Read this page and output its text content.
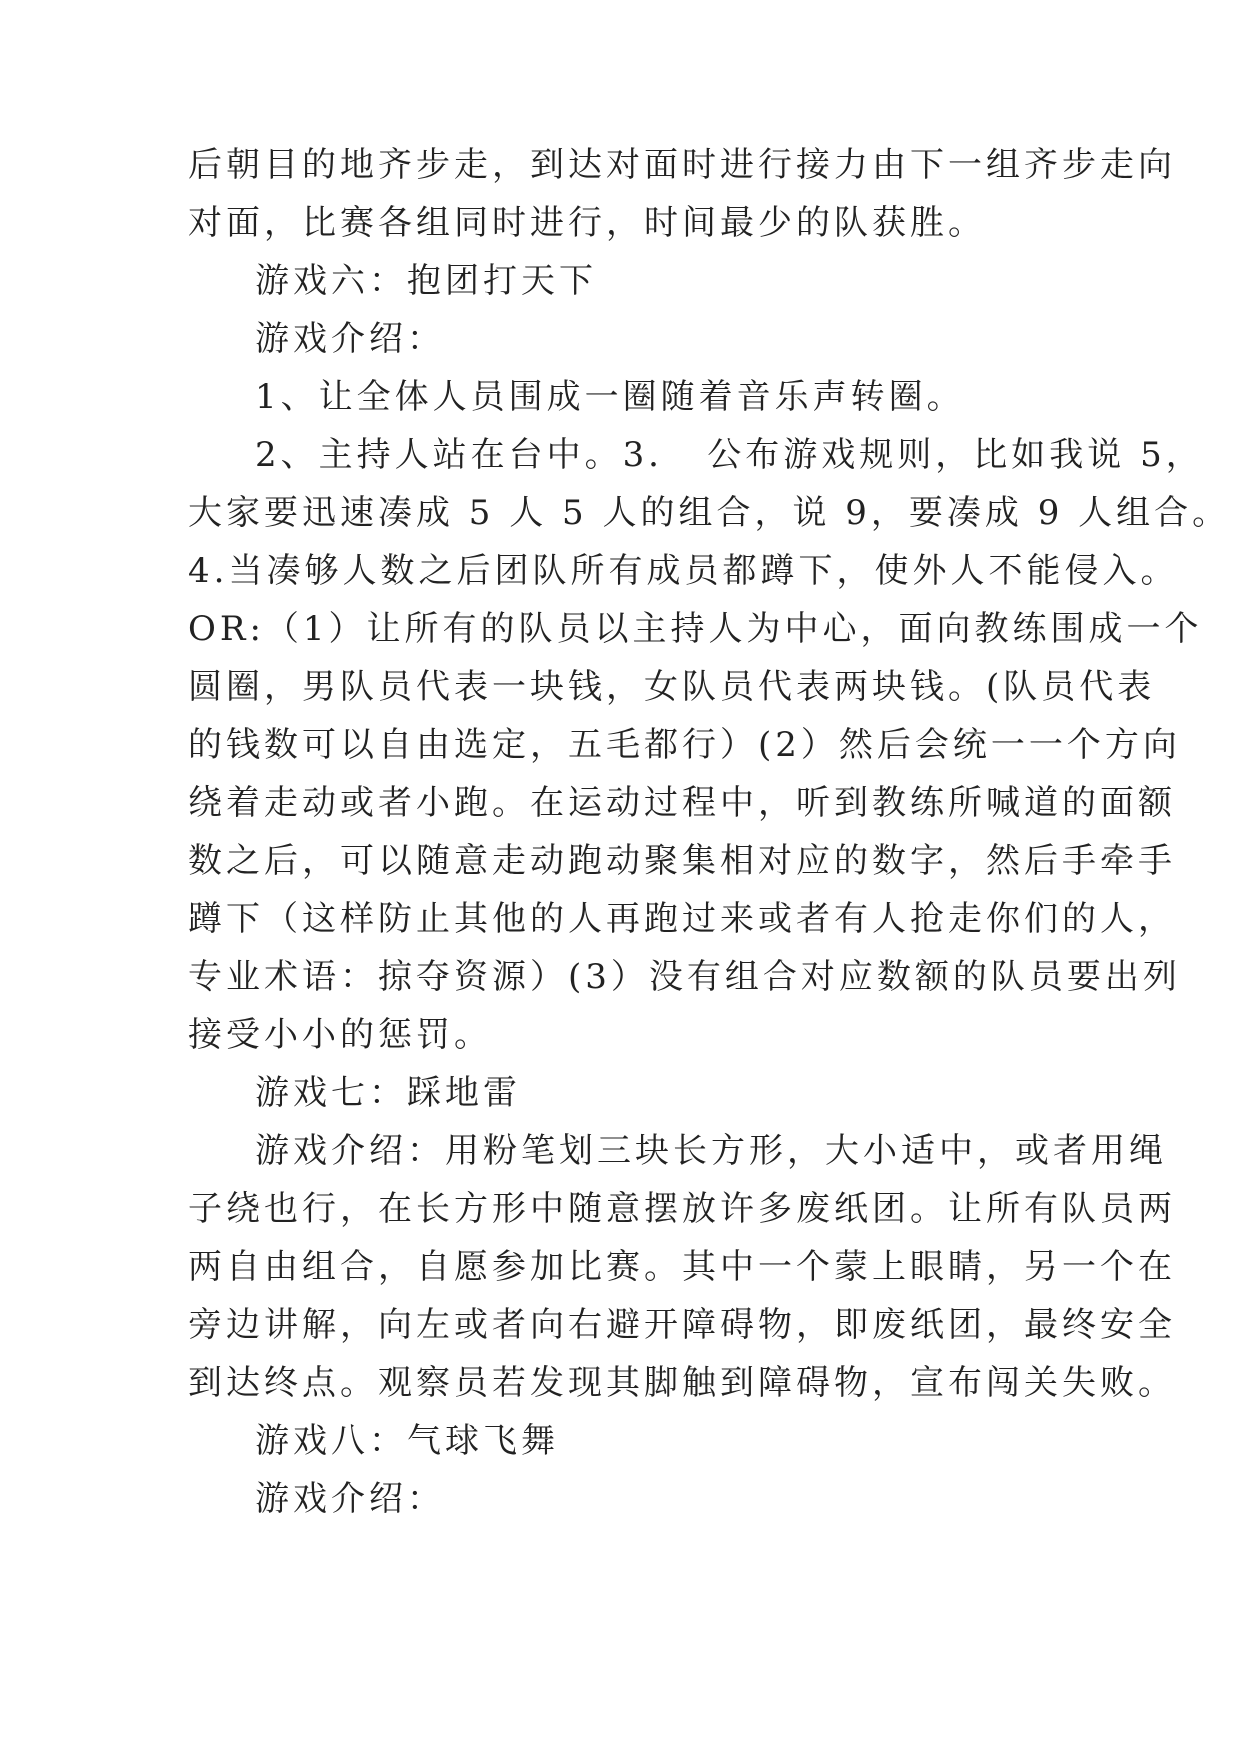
后朝目的地齐步走，到达对面时进行接力由下一组齐步走向
对面，比赛各组同时进行，时间最少的队获胜。
游戏六：抱团打天下
游戏介绍：
1、让全体人员围成一圈随着音乐声转圈。
2、主持人站在台中。3．　公布游戏规则，比如我说 5，
大家要迅速凑成 5 人 5 人的组合，说 9，要凑成 9 人组合。
4.当凑够人数之后团队所有成员都蹲下，使外人不能侵入。
OR:（1）让所有的队员以主持人为中心，面向教练围成一个
圆圈，男队员代表一块钱，女队员代表两块钱。(队员代表
的钱数可以自由选定，五毛都行）(2）然后会统一一个方向
绕着走动或者小跑。在运动过程中，听到教练所喊道的面额
数之后，可以随意走动跑动聚集相对应的数字，然后手牵手
蹲下（这样防止其他的人再跑过来或者有人抢走你们的人，
专业术语：掠夺资源）(3）没有组合对应数额的队员要出列
接受小小的惩罚。
游戏七：踩地雷
游戏介绍：用粉笔划三块长方形，大小适中，或者用绳
子绕也行，在长方形中随意摆放许多废纸团。让所有队员两
两自由组合，自愿参加比赛。其中一个蒙上眼睛，另一个在
旁边讲解，向左或者向右避开障碍物，即废纸团，最终安全
到达终点。观察员若发现其脚触到障碍物，宣布闯关失败。
游戏八：气球飞舞
游戏介绍：
